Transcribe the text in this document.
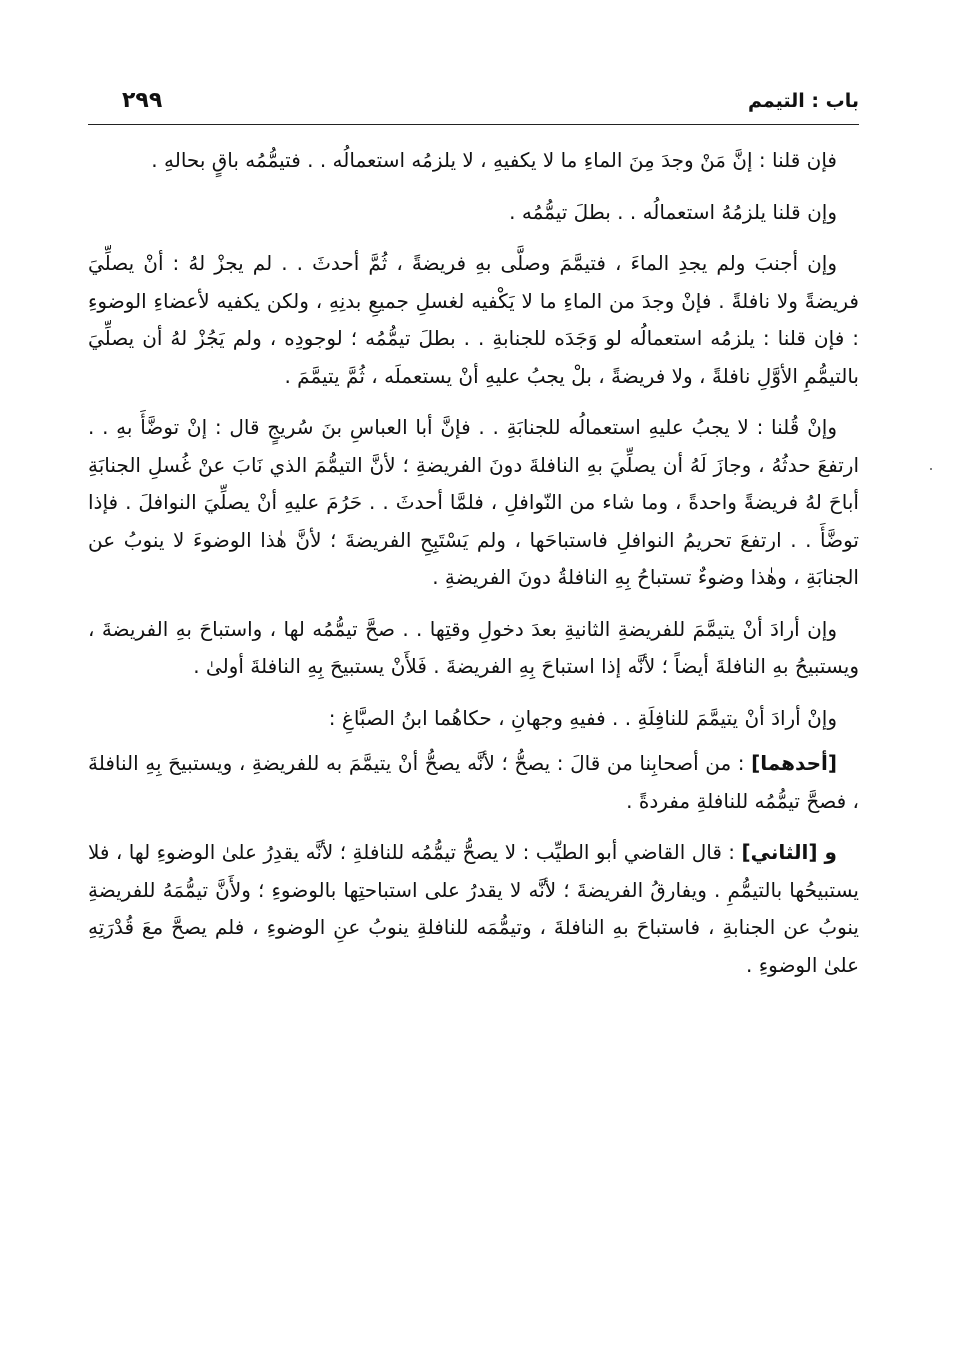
٢٩٩	باب : التيمم

فإن قلنا : إنَّ مَنْ وجدَ مِنَ الماءِ ما لا يكفيهِ ، لا يلزمُه استعمالُه . . فتيمُّمُه باقٍ بحالهِ .

وإن قلنا يلزمُهُ استعمالُه . . بطلَ تيمُّمُه .

وإن أجنبَ ولم يجدِ الماءَ ، فتيمَّمَ وصلَّى بهِ فريضةً ، ثُمَّ أحدثَ . . لم يجزْ لهُ : أنْ يصلِّيَ فريضةً ولا نافلةً . فإنْ وجدَ من الماءِ ما لا يَكْفيه لغسلِ جميعِ بدنِهِ ، ولكن يكفيه لأعضاءِ الوضوءِ : فإن قلنا : يلزمُه استعمالُه لو وَجَدَه للجنابةِ . . بطلَ تيمُّمُه ؛ لوجودِه ، ولم يَجُزْ لهُ أن يصلِّيَ بالتيمُّمِ الأوَّلِ نافلةً ، ولا فريضةً ، بلْ يجبُ عليهِ أنْ يستعملَه ، ثُمَّ يتيمَّمَ .

وإنْ قُلنا : لا يجبُ عليهِ استعمالُه للجنابَةِ . . فإنَّ أبا العباسِ بنَ سُريجٍ قال : إنْ توضَّأَ بهِ . . ارتفعَ حدثُهُ ، وجازَ لَهُ أن يصلِّيَ بهِ النافلةَ دونَ الفريضةِ ؛ لأنَّ التيمُّمَ الذي نَابَ عنْ غُسلِ الجنابَةِ أباحَ لهُ فريضةً واحدةً ، وما شاء من النّوافلِ ، فلمَّا أحدثَ . . حَرُمَ عليهِ أنْ يصلِّيَ النوافلَ . فإذا توضَّأَ . . ارتفعَ تحريمُ النوافلِ فاستباحَها ، ولم يَسْتَبِحِ الفريضةَ ؛ لأنَّ هٰذا الوضوءَ لا ينوبُ عن الجنابَةِ ، وهٰذا وضوءٌ تستباحُ بِهِ النافلةُ دونَ الفريضةِ .

وإن أرادَ أنْ يتيمَّمَ للفريضةِ الثانيةِ بعدَ دخولِ وقتِها . . صحَّ تيمُّمُه لها ، واستباحَ بهِ الفريضةَ ، ويستبيحُ بهِ النافلةَ أيضاً ؛ لأنَّه إذا استباحَ بِهِ الفريضةَ . فَلأَنْ يستبيحَ بِهِ النافلةَ أولىٰ .

وإنْ أرادَ أنْ يتيمَّمَ للنافِلَةِ . . ففيهِ وجهانِ ، حكاهُما ابنُ الصبَّاغِ :

[أحدهما] : من أصحابِنا من قالَ : يصحُّ ؛ لأنَّه يصحُّ أنْ يتيمَّمَ به للفريضةِ ، ويستبيحَ بِهِ النافلةَ ، فصحَّ تيمُّمُه للنافلةِ مفردةً .

و [الثاني] : قال القاضي أبو الطيِّب : لا يصحُّ تيمُّمُه للنافلةِ ؛ لأنَّه يقدِرُ علىٰ الوضوءِ لها ، فلا يستبيحُها بالتيمُّمِ . ويفارقُ الفريضةَ ؛ لأنَّه لا يقدرُ على استباحتِها بالوضوءِ ؛ ولأَنَّ تيمُّمَهُ للفريضةِ ينوبُ عن الجنابةِ ، فاستباحَ بهِ النافلةَ ، وتيمُّمَه للنافلةِ ينوبُ عنِ الوضوءِ ، فلم يصحَّ معَ قُدْرَتِهِ علىٰ الوضوءِ .
